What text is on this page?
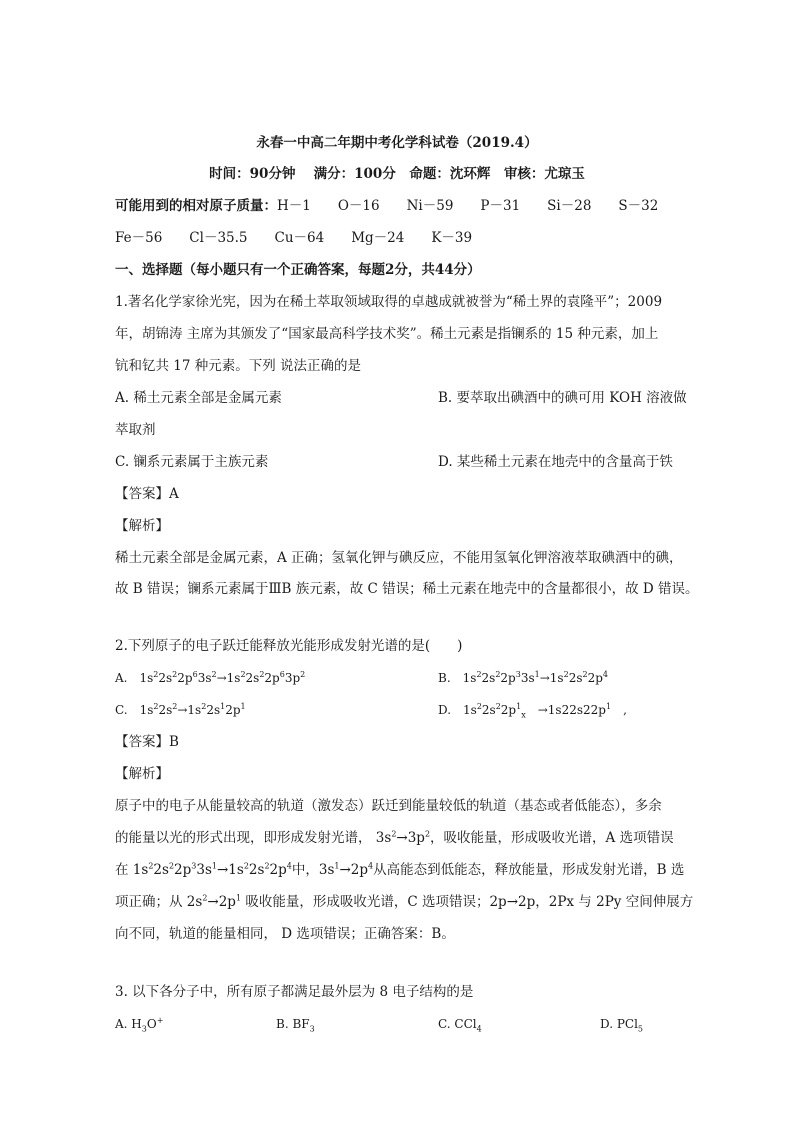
永春一中高二年期中考化学科试卷（2019.4）
时间：90分钟　 满分：100分　命题：沈环辉　审核：尤琼玉
可能用到的相对原子质量：H－1　　O－16　　Ni－59　　P－31　　Si－28　　S－32
Fe－56　　Cl－35.5　　Cu－64　　Mg－24　　K－39
一、选择题（每小题只有一个正确答案，每题2分，共44分）
1.著名化学家徐光宪，因为在稀土萃取领域取得的卓越成就被誉为“稀土界的袁隆平”；2009
年，胡锦涛 主席为其颁发了“国家最高科学技术奖”。稀土元素是指镧系的 15 种元素，加上
钪和钇共 17 种元素。下列 说法正确的是
A. 稀土元素全部是金属元素	B. 要萃取出碘酒中的碘可用 KOH 溶液做
萃取剂
C. 镧系元素属于主族元素	D. 某些稀土元素在地壳中的含量高于铁
【答案】A
【解析】
稀土元素全部是金属元素，A 正确；氢氧化钾与碘反应，不能用氢氧化钾溶液萃取碘酒中的碘，
故 B 错误；镧系元素属于ⅢB 族元素，故 C 错误；稀土元素在地壳中的含量都很小，故 D 错误。
2.下列原子的电子跃迁能释放光能形成发射光谱的是(　　)
A.　$1s^22s^22p^63s^2\to 1s^22s^22p^63p^2$	B.　$1s^22s^22p^33s^1\to 1s^22s^22p^4$
C.　$1s^22s^2\to 1s^22s^12p^1$	D.　$1s^22s^22p^1_x$　$\to 1s22s22p^1$　,
【答案】B
【解析】
原子中的电子从能量较高的轨道（激发态）跃迁到能量较低的轨道（基态或者低能态），多余
的能量以光的形式出现，即形成发射光谱， $3s^2\to 3p^2$，吸收能量，形成吸收光谱，A 选项错误
在 $1s^22s^22p^33s^1\to 1s^22s^22p^4$中，$3s^1\to 2p^4$从高能态到低能态，释放能量，形成发射光谱，B 选
项正确；从 $2s^2\to 2p^1$ 吸收能量，形成吸收光谱，C 选项错误；2p→2p，2Px 与 2Py 空间伸展方
向不同，轨道的能量相同， D 选项错误；正确答案：B。
3. 以下各分子中，所有原子都满足最外层为 8 电子结构的是
A. $H_3O^+$	B. $BF_3$	C. CCl$_4$	D. PCl$_5$
